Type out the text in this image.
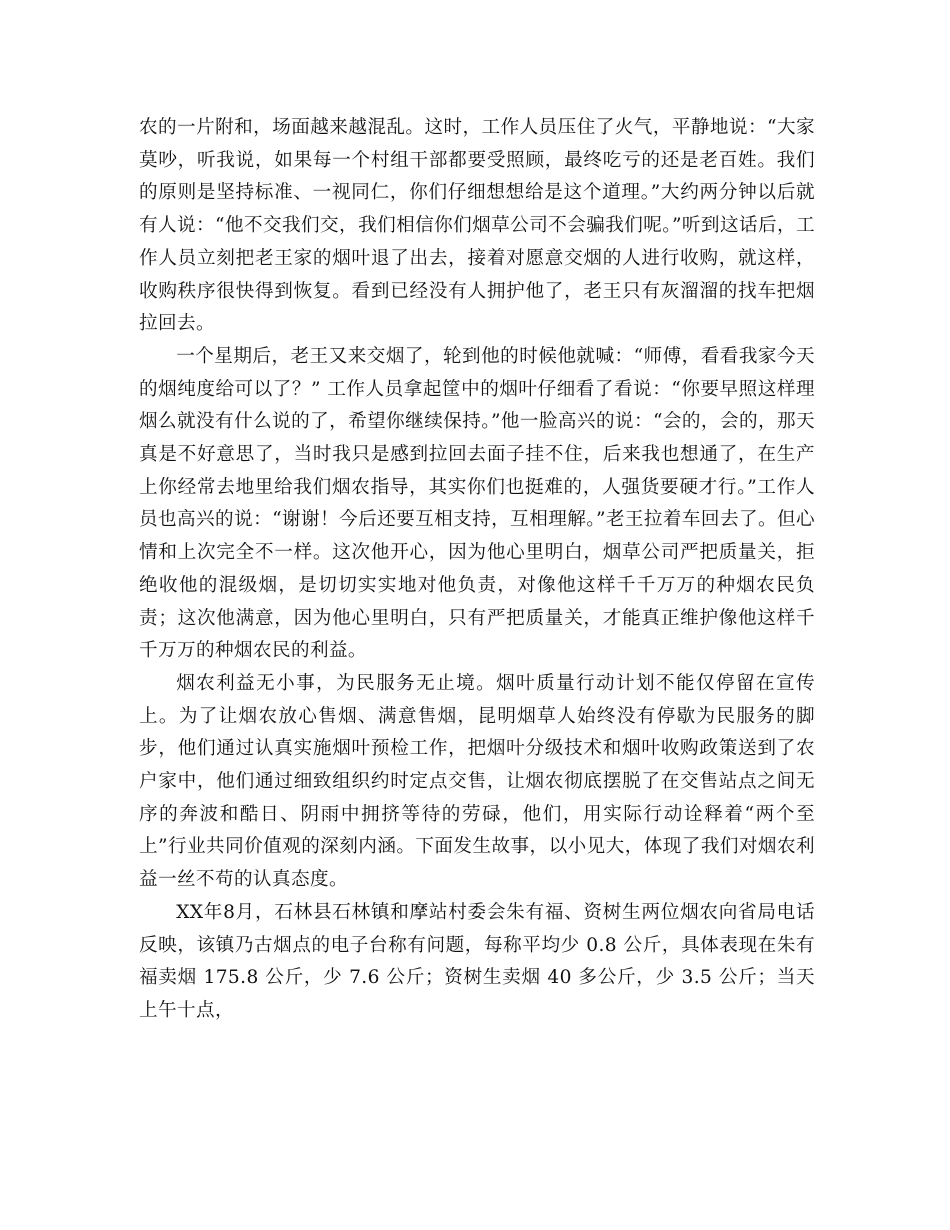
农的一片附和，场面越来越混乱。这时，工作人员压住了火气，平静地说：“大家莫吵，听我说，如果每一个村组干部都要受照顾，最终吃亏的还是老百姓。我们的原则是坚持标准、一视同仁，你们仔细想想给是这个道理。”大约两分钟以后就有人说：“他不交我们交，我们相信你们烟草公司不会骗我们呢。”听到这话后，工作人员立刻把老王家的烟叶退了出去，接着对愿意交烟的人进行收购，就这样，收购秩序很快得到恢复。看到已经没有人拥护他了，老王只有灰溜溜的找车把烟拉回去。

一个星期后，老王又来交烟了，轮到他的时候他就喊：“师傅，看看我家今天的烟纯度给可以了？” 工作人员拿起筐中的烟叶仔细看了看说：“你要早照这样理烟么就没有什么说的了，希望你继续保持。”他一脸高兴的说：“会的，会的，那天真是不好意思了，当时我只是感到拉回去面子挂不住，后来我也想通了，在生产上你经常去地里给我们烟农指导，其实你们也挺难的，人强货要硬才行。”工作人员也高兴的说：“谢谢！今后还要互相支持，互相理解。”老王拉着车回去了。但心情和上次完全不一样。这次他开心，因为他心里明白，烟草公司严把质量关，拒绝收他的混级烟，是切切实实地对他负责，对像他这样千千万万的种烟农民负责；这次他满意，因为他心里明白，只有严把质量关，才能真正维护像他这样千千万万的种烟农民的利益。

烟农利益无小事，为民服务无止境。烟叶质量行动计划不能仅停留在宣传上。为了让烟农放心售烟、满意售烟，昆明烟草人始终没有停歇为民服务的脚步，他们通过认真实施烟叶预检工作，把烟叶分级技术和烟叶收购政策送到了农户家中，他们通过细致组织约时定点交售，让烟农彻底摆脱了在交售站点之间无序的奔波和酷日、阴雨中拥挤等待的劳碌，他们，用实际行动诠释着“两个至上”行业共同价值观的深刻内涵。下面发生故事，以小见大，体现了我们对烟农利益一丝不苟的认真态度。

XX年8月，石林县石林镇和摩站村委会朱有福、资树生两位烟农向省局电话反映，该镇乃古烟点的电子台称有问题，每称平均少 0.8 公斤，具体表现在朱有福卖烟 175.8 公斤，少 7.6 公斤；资树生卖烟 40 多公斤，少 3.5 公斤；当天上午十点，
